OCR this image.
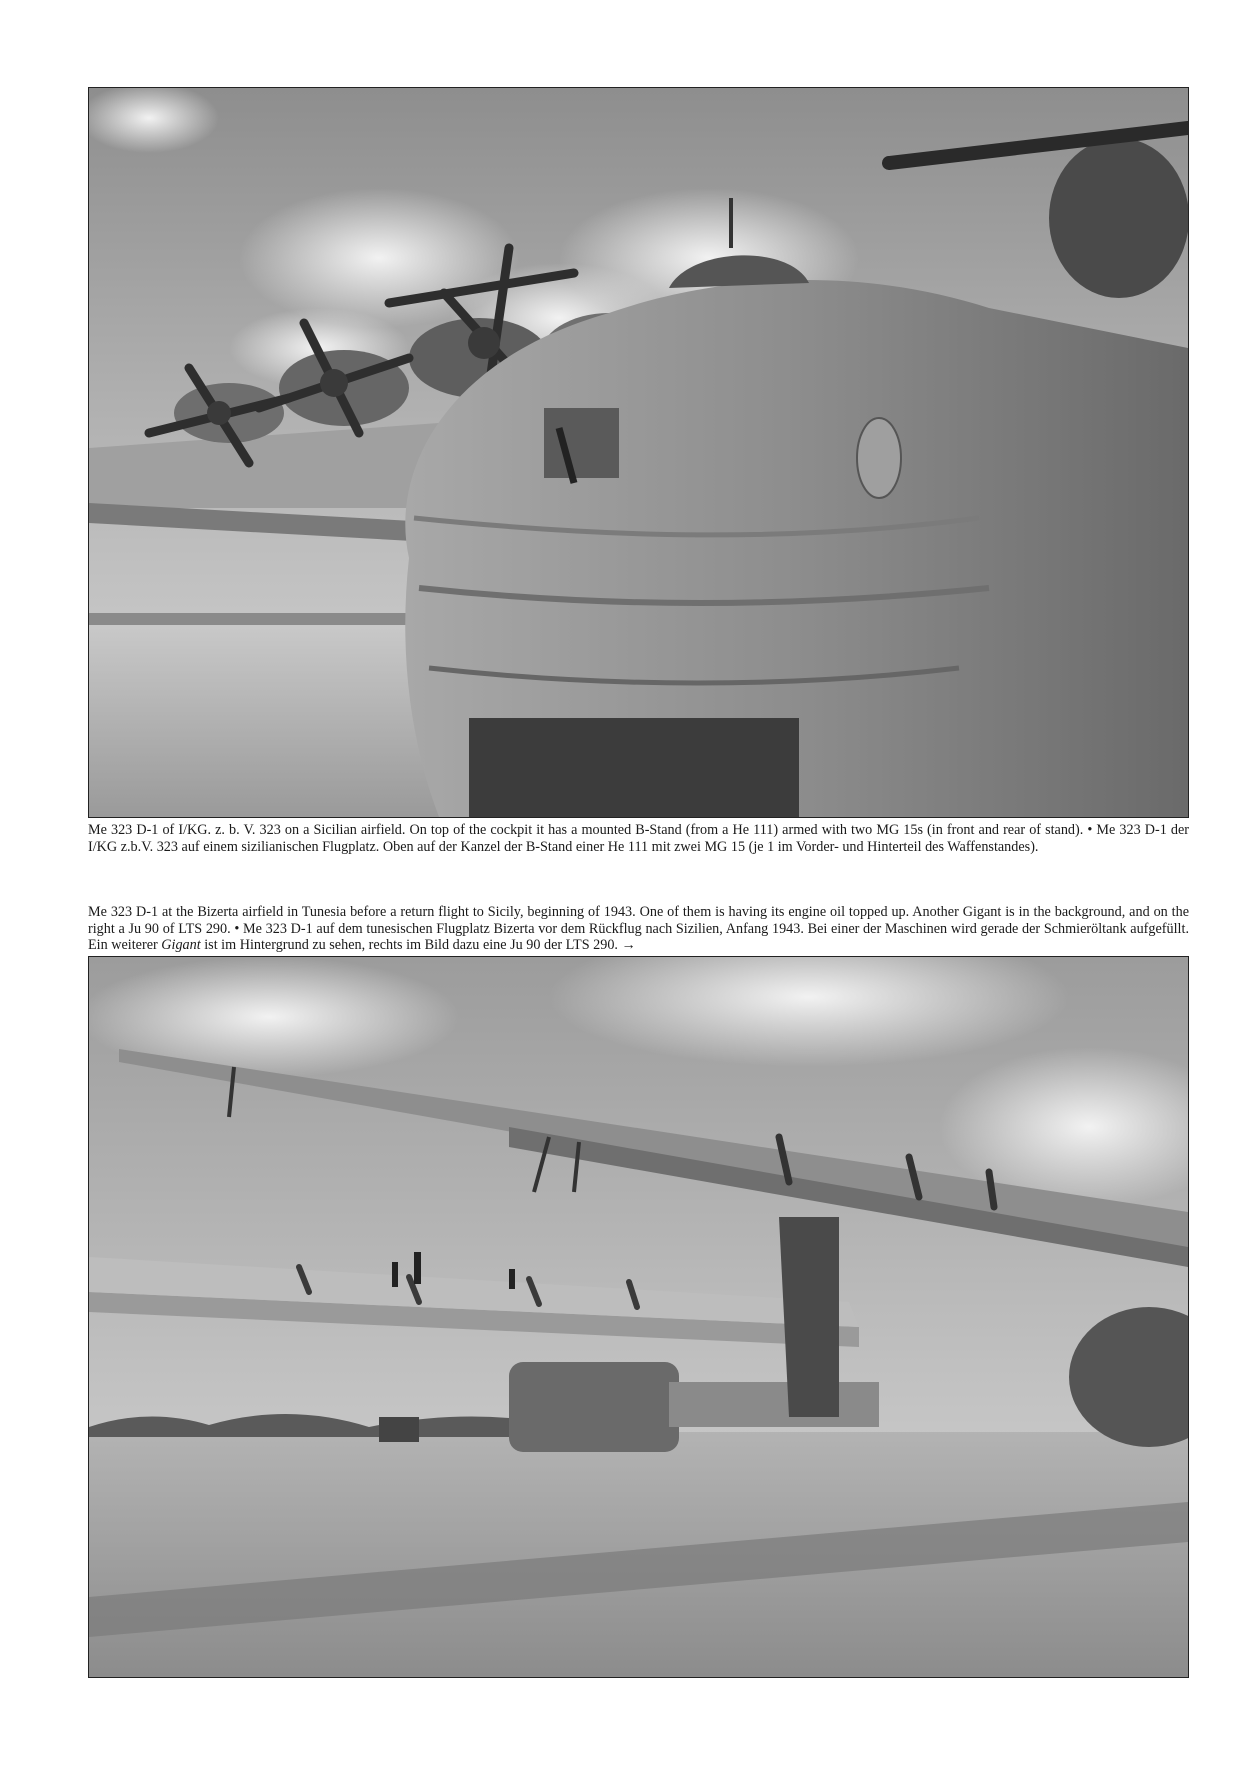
Me 323 D-1 of I/KG. z. b. V. 323 on a Sicilian airfield. On top of the cockpit it has a mounted B-Stand (from a He 111) armed with two MG 15s (in front and rear of stand). • Me 323 D-1 der I/KG z.b.V. 323 auf einem sizilianischen Flugplatz. Oben auf der Kanzel der B-Stand einer He 111 mit zwei MG 15 (je 1 im Vorder- und Hinterteil des Waffenstandes).
Me 323 D-1 at the Bizerta airfield in Tunesia before a return flight to Sicily, beginning of 1943. One of them is having its engine oil topped up. Another Gigant is in the background, and on the right a Ju 90 of LTS 290. • Me 323 D-1 auf dem tunesischen Flugplatz Bizerta vor dem Rückflug nach Sizilien, Anfang 1943. Bei einer der Maschinen wird gerade der Schmieröltank aufgefüllt. Ein weiterer Gigant ist im Hintergrund zu sehen, rechts im Bild dazu eine Ju 90 der LTS 290. →
